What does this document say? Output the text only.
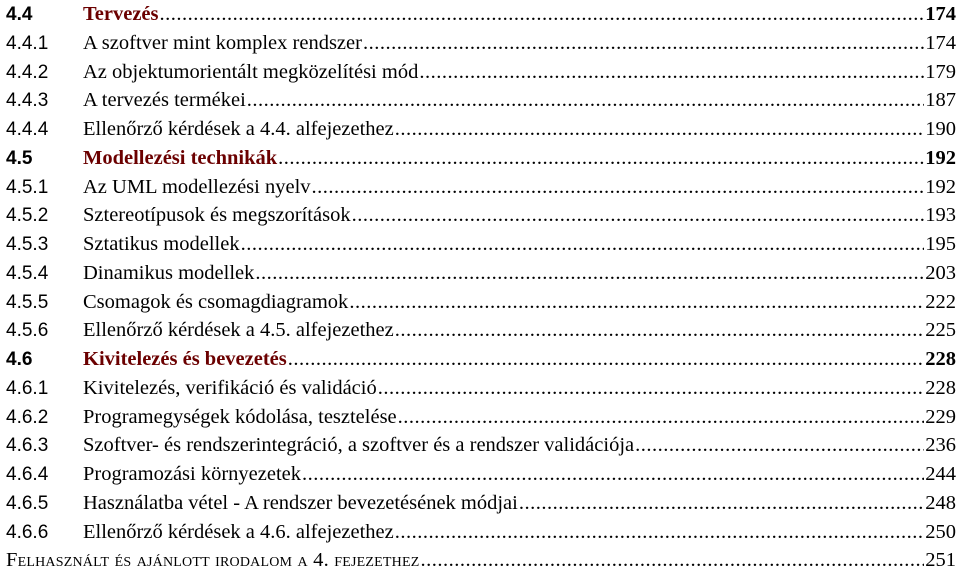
4.4	Tervezés .....	174
4.4.1	A szoftver mint komplex rendszer .....	174
4.4.2	Az objektumorientált megközelítési mód .....	179
4.4.3	A tervezés termékei .....	187
4.4.4	Ellenőrző kérdések a 4.4. alfejezethez .....	190
4.5	Modellezési technikák .....	192
4.5.1	Az UML modellezési nyelv .....	192
4.5.2	Sztereotípusok és megszorítások .....	193
4.5.3	Sztatikus modellek .....	195
4.5.4	Dinamikus modellek .....	203
4.5.5	Csomagok és csomagdiagramok .....	222
4.5.6	Ellenőrző kérdések a 4.5. alfejezethez .....	225
4.6	Kivitelezés és bevezetés .....	228
4.6.1	Kivitelezés, verifikáció és validáció .....	228
4.6.2	Programegységek kódolása, tesztelése .....	229
4.6.3	Szoftver- és rendszerintegráció, a szoftver és a rendszer validációja .....	236
4.6.4	Programozási környezetek .....	244
4.6.5	Használatba vétel - A rendszer bevezetésének módjai .....	248
4.6.6	Ellenőrző kérdések a 4.6. alfejezethez .....	250
Felhasznált és ajánlott irodalom a 4. fejezethez .....	251
